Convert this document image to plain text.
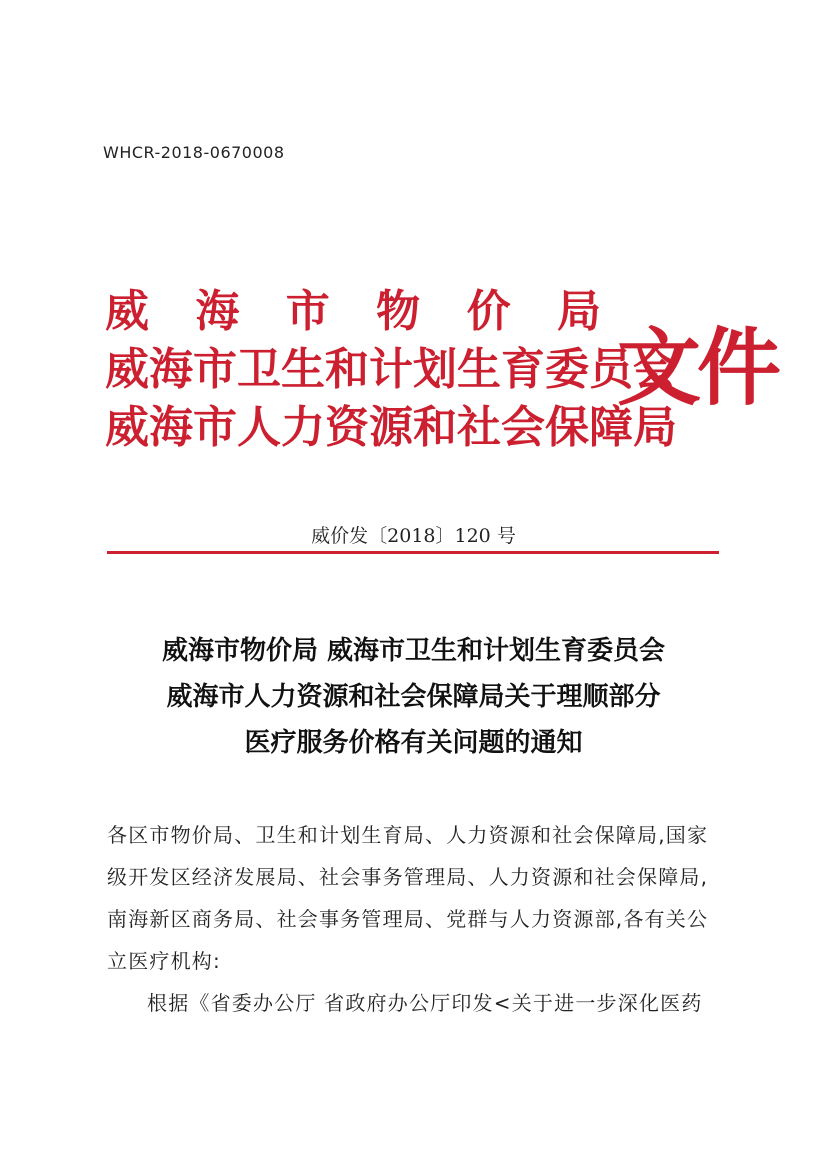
WHCR-2018-0670008
威 海 市 物 价 局
威海市卫生和计划生育委员会
威海市人力资源和社会保障局
文件
威价发〔2018〕120 号
威海市物价局 威海市卫生和计划生育委员会
威海市人力资源和社会保障局关于理顺部分
医疗服务价格有关问题的通知
各区市物价局、卫生和计划生育局、人力资源和社会保障局,国家
级开发区经济发展局、社会事务管理局、人力资源和社会保障局,
南海新区商务局、社会事务管理局、党群与人力资源部,各有关公
立医疗机构:
根据《省委办公厅 省政府办公厅印发<关于进一步深化医药
